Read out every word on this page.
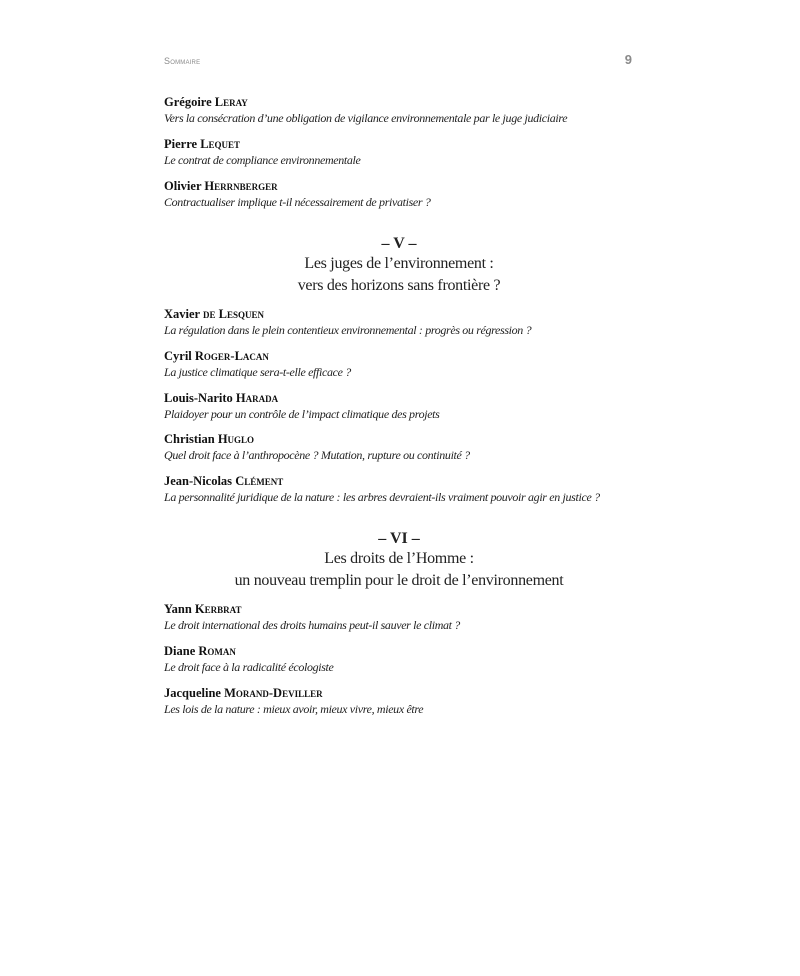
Sommaire	9
Grégoire Leray
Vers la consécration d’une obligation de vigilance environnementale par le juge judiciaire
Pierre Lequet
Le contrat de compliance environnementale
Olivier Herrnberger
Contractualiser implique t-il nécessairement de privatiser ?
– V –
Les juges de l’environnement :
vers des horizons sans frontière ?
Xavier de Lesquen
La régulation dans le plein contentieux environnemental : progrès ou régression ?
Cyril Roger-Lacan
La justice climatique sera-t-elle efficace ?
Louis-Narito Harada
Plaidoyer pour un contrôle de l’impact climatique des projets
Christian Huglo
Quel droit face à l’anthropocène ? Mutation, rupture ou continuité ?
Jean-Nicolas Clément
La personnalité juridique de la nature : les arbres devraient-ils vraiment pouvoir agir en justice ?
– VI –
Les droits de l’Homme :
un nouveau tremplin pour le droit de l’environnement
Yann Kerbrat
Le droit international des droits humains peut-il sauver le climat ?
Diane Roman
Le droit face à la radicalité écologiste
Jacqueline Morand-Deviller
Les lois de la nature : mieux avoir, mieux vivre, mieux être
